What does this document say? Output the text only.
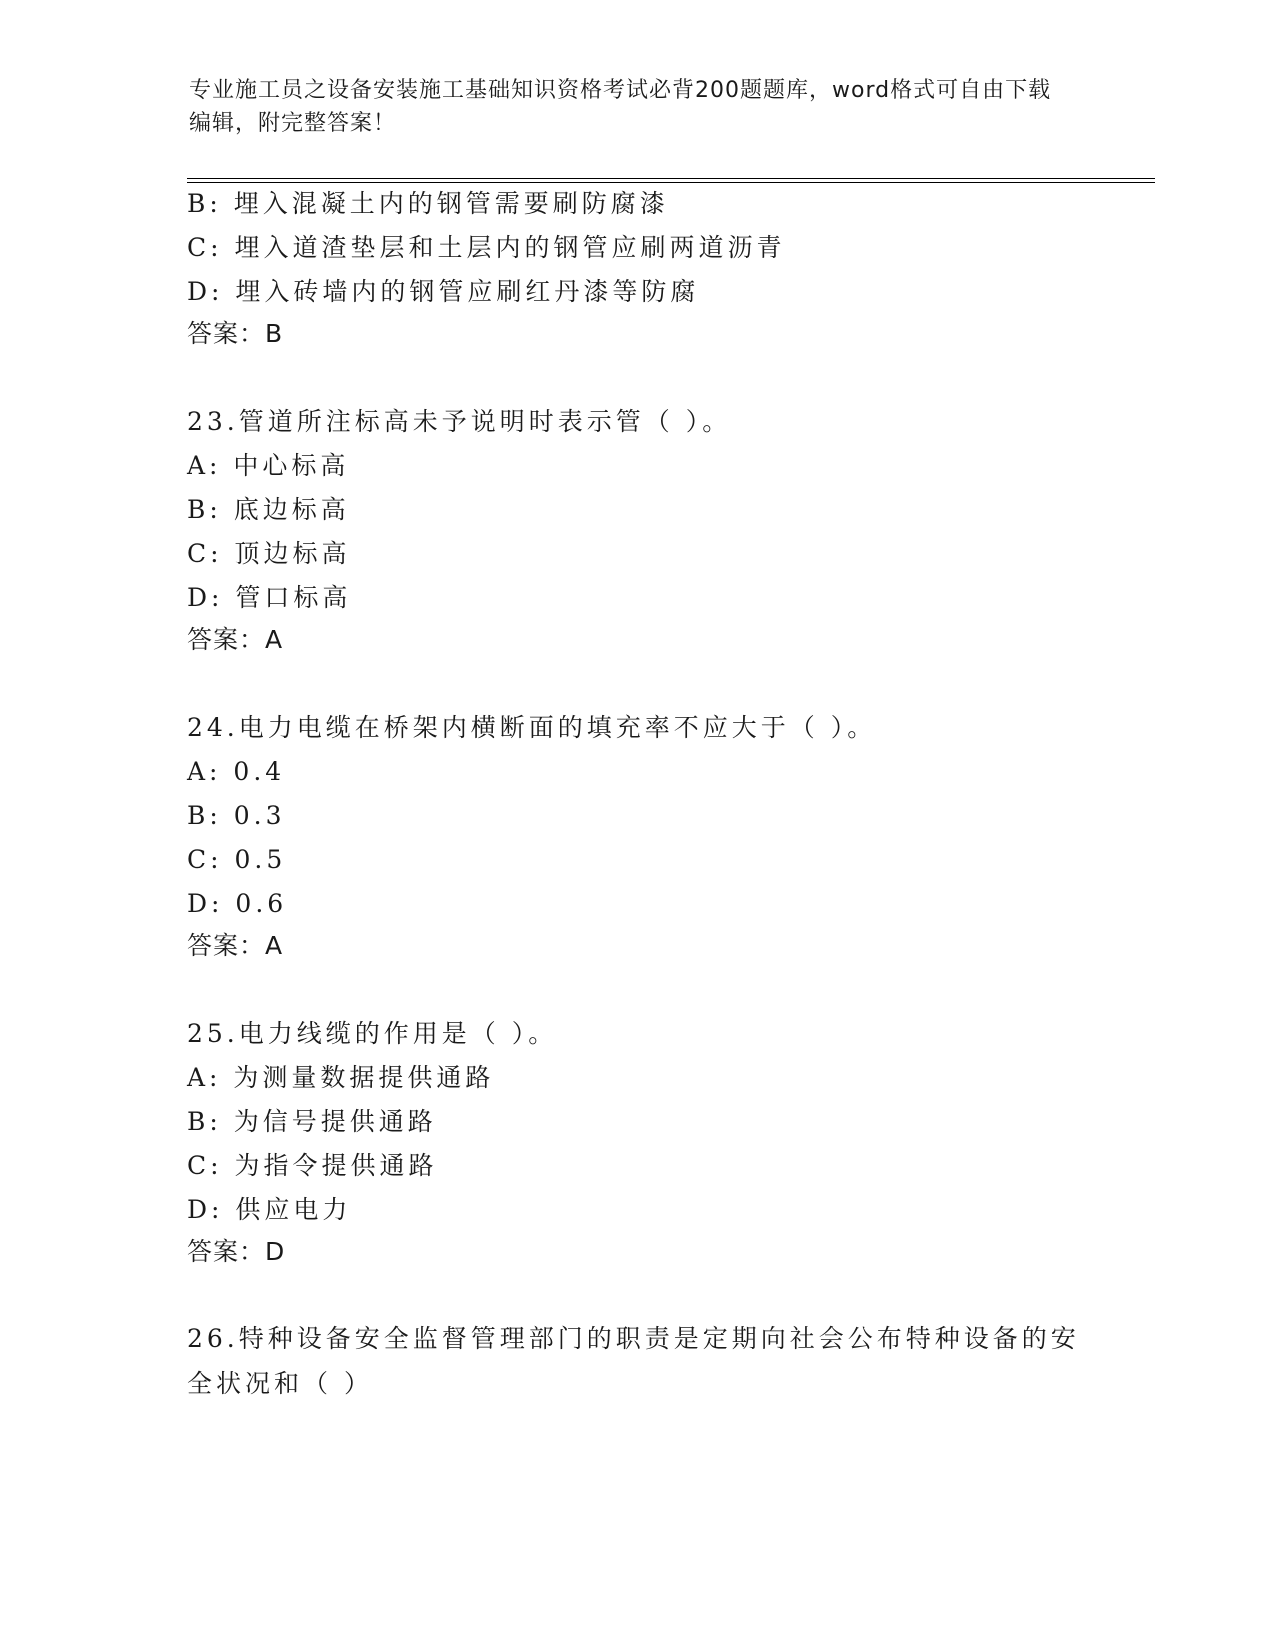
专业施工员之设备安装施工基础知识资格考试必背200题题库，word格式可自由下载编辑，附完整答案！
B: 埋入混凝土内的钢管需要刷防腐漆
C: 埋入道渣垫层和土层内的钢管应刷两道沥青
D: 埋入砖墙内的钢管应刷红丹漆等防腐
答案：B
23.管道所注标高未予说明时表示管（ ）。
A: 中心标高
B: 底边标高
C: 顶边标高
D: 管口标高
答案：A
24.电力电缆在桥架内横断面的填充率不应大于（ ）。
A: 0.4
B: 0.3
C: 0.5
D: 0.6
答案：A
25.电力线缆的作用是（ ）。
A: 为测量数据提供通路
B: 为信号提供通路
C: 为指令提供通路
D: 供应电力
答案：D
26.特种设备安全监督管理部门的职责是定期向社会公布特种设备的安全状况和（ ）
